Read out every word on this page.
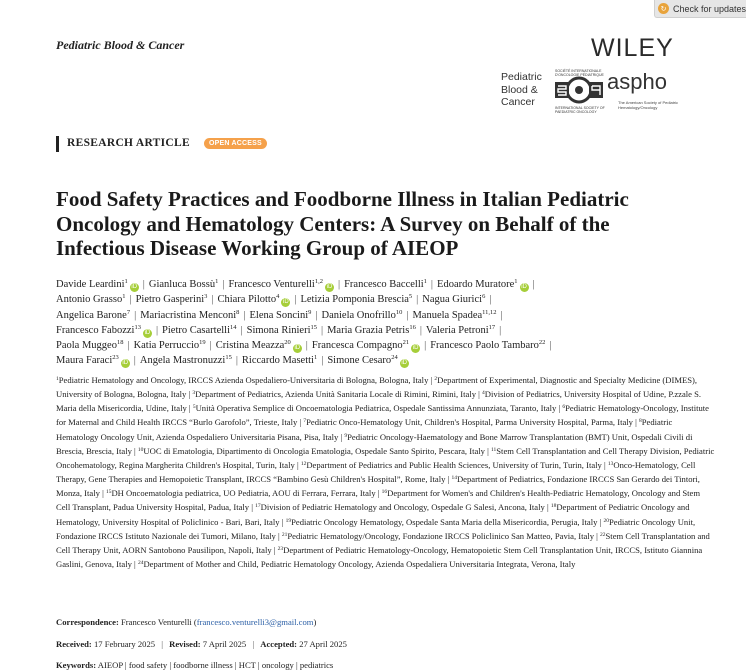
↻ Check for updates
Pediatric Blood & Cancer	WILEY
Pediatric
Blood &
Cancer
SOCIÉTÉ INTERNATIONALE D'ONCOLOGIE PÉDIATRIQUE
INTERNATIONAL SOCIETY OF PAEDIATRIC ONCOLOGY
aspho
The American Society of Pediatric Hematology/Oncology
RESEARCH ARTICLE	OPEN ACCESS
Food Safety Practices and Foodborne Illness in Italian Pediatric Oncology and Hematology Centers: A Survey on Behalf of the Infectious Disease Working Group of AIEOP
Davide Leardini$^1$iD | Gianluca Bossù$^1$ | Francesco Venturelli$^{1,2}$iD | Francesco Baccelli$^1$ | Edoardo Muratore$^1$iD |
Antonio Grasso$^1$ | Pietro Gasperini$^3$ | Chiara Pilotto$^4$iD | Letizia Pomponia Brescia$^5$ | Nagua Giurici$^6$ |
Angelica Barone$^7$ | Mariacristina Menconi$^8$ | Elena Soncini$^9$ | Daniela Onofrillo$^{10}$ | Manuela Spadea$^{11,12}$ |
Francesco Fabozzi$^{13}$iD | Pietro Casartelli$^{14}$ | Simona Rinieri$^{15}$ | Maria Grazia Petris$^{16}$ | Valeria Petroni$^{17}$ |
Paola Muggeo$^{18}$ | Katia Perruccio$^{19}$ | Cristina Meazza$^{20}$iD | Francesca Compagno$^{21}$iD | Francesco Paolo Tambaro$^{22}$ |
Maura Faraci$^{23}$iD | Angela Mastronuzzi$^{15}$ | Riccardo Masetti$^1$ | Simone Cesaro$^{24}$iD
$^1$Pediatric Hematology and Oncology, IRCCS Azienda Ospedaliero-Universitaria di Bologna, Bologna, Italy | $^2$Department of Experimental, Diagnostic and Specialty Medicine (DIMES), University of Bologna, Bologna, Italy | $^3$Department of Pediatrics, Azienda Unità Sanitaria Locale di Rimini, Rimini, Italy | $^4$Division of Pediatrics, University Hospital of Udine, P.zzale S. Maria della Misericordia, Udine, Italy | $^5$Unità Operativa Semplice di Oncoematologia Pediatrica, Ospedale Santissima Annunziata, Taranto, Italy | $^6$Pediatric Hematology-Oncology, Institute for Maternal and Child Health IRCCS “Burlo Garofolo”, Trieste, Italy | $^7$Pediatric Onco-Hematology Unit, Children's Hospital, Parma University Hospital, Parma, Italy | $^8$Pediatric Hematology Oncology Unit, Azienda Ospedaliero Universitaria Pisana, Pisa, Italy | $^9$Pediatric Oncology-Haematology and Bone Marrow Transplantation (BMT) Unit, Ospedali Civili di Brescia, Brescia, Italy | $^{10}$UOC di Ematologia, Dipartimento di Oncologia Ematologia, Ospedale Santo Spirito, Pescara, Italy | $^{11}$Stem Cell Transplantation and Cell Therapy Division, Pediatric Oncohematology, Regina Margherita Children's Hospital, Turin, Italy | $^{12}$Department of Pediatrics and Public Health Sciences, University of Turin, Turin, Italy | $^{13}$Onco-Hematology, Cell Therapy, Gene Therapies and Hemopoietic Transplant, IRCCS “Bambino Gesù Children's Hospital”, Rome, Italy | $^{14}$Department of Pediatrics, Fondazione IRCCS San Gerardo dei Tintori, Monza, Italy | $^{15}$DH Oncoematologia pediatrica, UO Pediatria, AOU di Ferrara, Ferrara, Italy | $^{16}$Department for Women's and Children's Health-Pediatric Hematology, Oncology and Stem Cell Transplant, Padua University Hospital, Padua, Italy | $^{17}$Division of Pediatric Hematology and Oncology, Ospedale G Salesi, Ancona, Italy | $^{18}$Department of Pediatric Oncology and Hematology, University Hospital of Policlinico - Bari, Bari, Italy | $^{19}$Pediatric Oncology Hematology, Ospedale Santa Maria della Misericordia, Perugia, Italy | $^{20}$Pediatric Oncology Unit, Fondazione IRCCS Istituto Nazionale dei Tumori, Milano, Italy | $^{21}$Pediatric Hematology/Oncology, Fondazione IRCCS Policlinico San Matteo, Pavia, Italy | $^{22}$Stem Cell Transplantation and Cell Therapy Unit, AORN Santobono Pausilipon, Napoli, Italy | $^{23}$Department of Pediatric Hematology-Oncology, Hematopoietic Stem Cell Transplantation Unit, IRCCS, Istituto Giannina Gaslini, Genova, Italy | $^{24}$Department of Mother and Child, Pediatric Hematology Oncology, Azienda Ospedaliera Universitaria Integrata, Verona, Italy
Correspondence: Francesco Venturelli (francesco.venturelli3@gmail.com)
Received: 17 February 2025 | Revised: 7 April 2025 | Accepted: 27 April 2025
Keywords: AIEOP | food safety | foodborne illness | HCT | oncology | pediatrics
